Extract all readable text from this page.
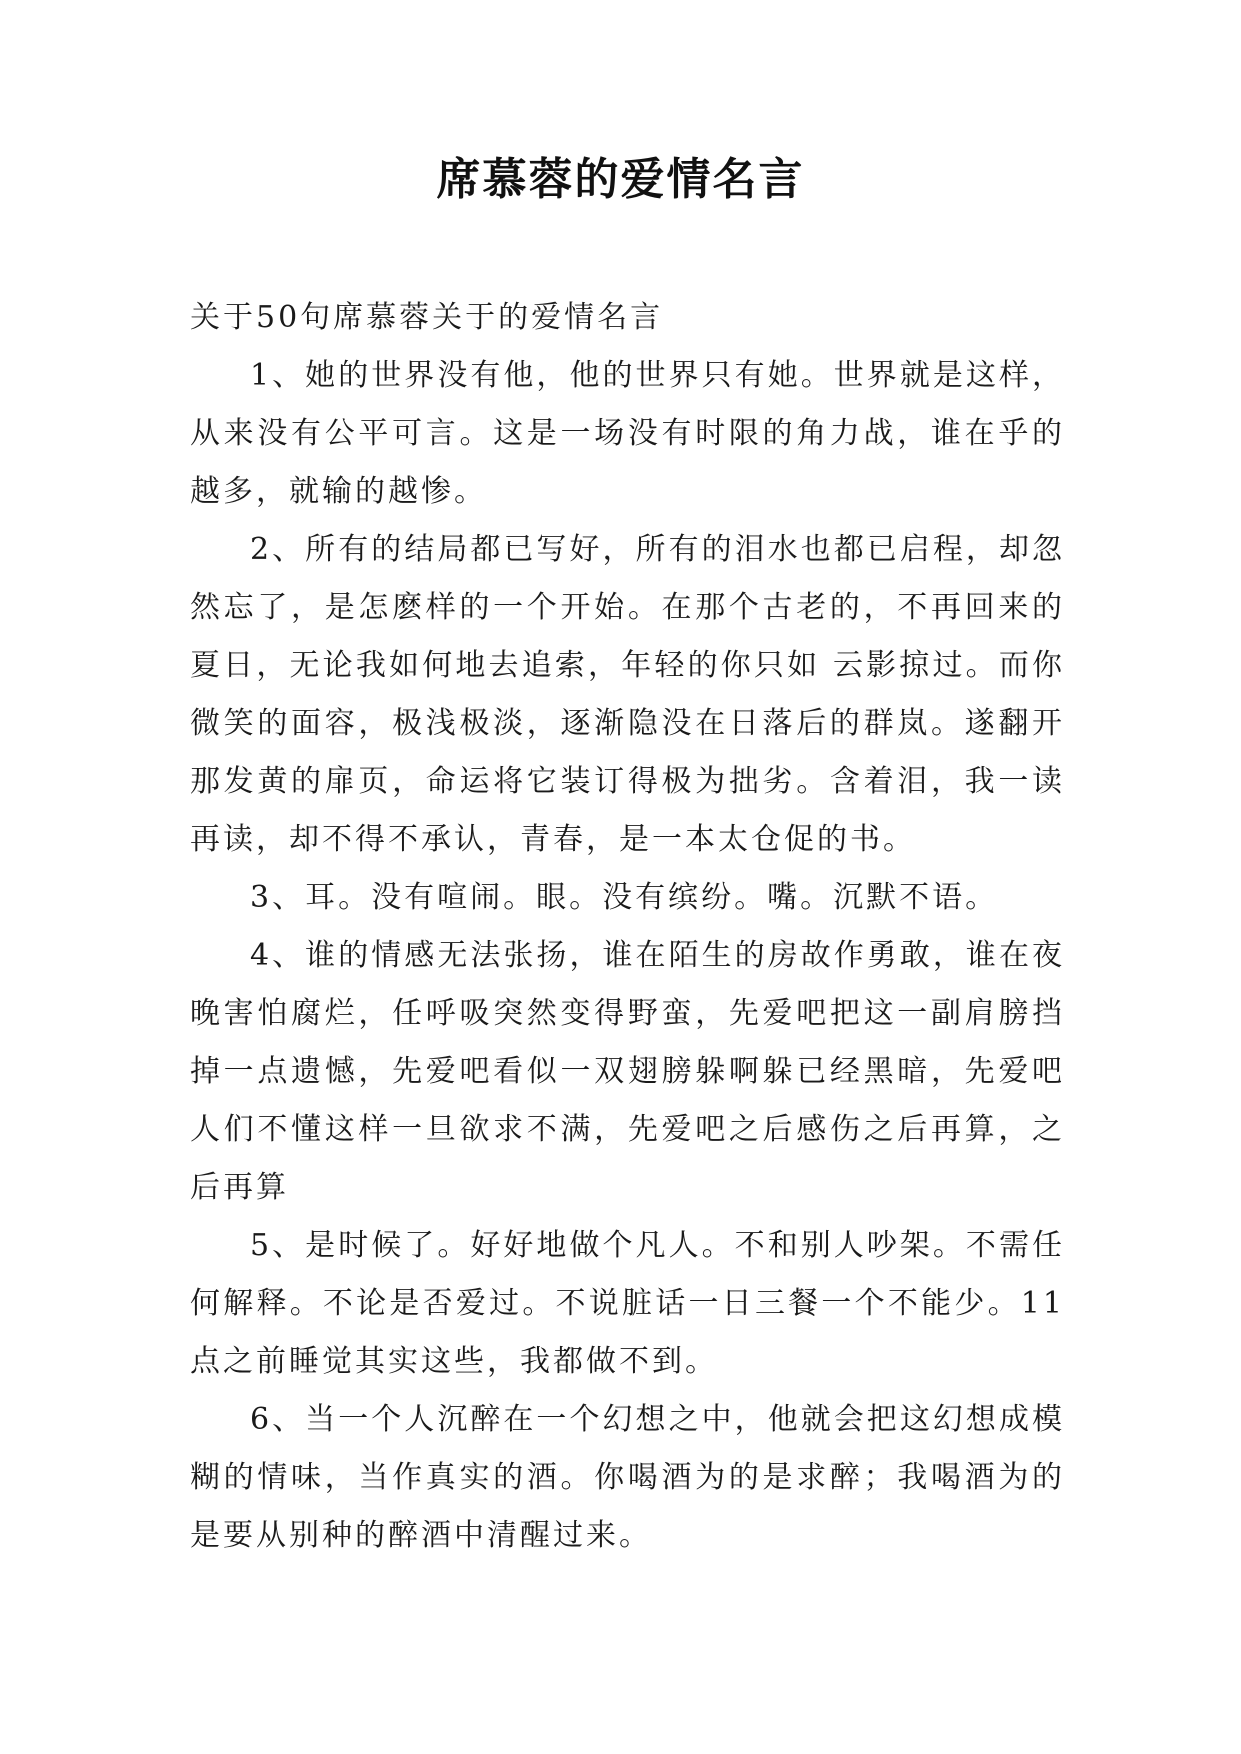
席慕蓉的爱情名言

关于50句席慕蓉关于的爱情名言

1、她的世界没有他，他的世界只有她。世界就是这样，从来没有公平可言。这是一场没有时限的角力战，谁在乎的越多，就输的越惨。

2、所有的结局都已写好，所有的泪水也都已启程，却忽然忘了，是怎麽样的一个开始。在那个古老的，不再回来的夏日，无论我如何地去追索，年轻的你只如 云影掠过。而你微笑的面容，极浅极淡，逐渐隐没在日落后的群岚。遂翻开那发黄的扉页，命运将它装订得极为拙劣。含着泪，我一读再读，却不得不承认，青春，是一本太仓促的书。

3、耳。没有喧闹。眼。没有缤纷。嘴。沉默不语。

4、谁的情感无法张扬，谁在陌生的房故作勇敢，谁在夜晚害怕腐烂，任呼吸突然变得野蛮，先爱吧把这一副肩膀挡掉一点遗憾，先爱吧看似一双翅膀躲啊躲已经黑暗，先爱吧人们不懂这样一旦欲求不满，先爱吧之后感伤之后再算，之后再算

5、是时候了。好好地做个凡人。不和别人吵架。不需任何解释。不论是否爱过。不说脏话一日三餐一个不能少。11点之前睡觉其实这些，我都做不到。

6、当一个人沉醉在一个幻想之中，他就会把这幻想成模糊的情味，当作真实的酒。你喝酒为的是求醉；我喝酒为的是要从别种的醉酒中清醒过来。
